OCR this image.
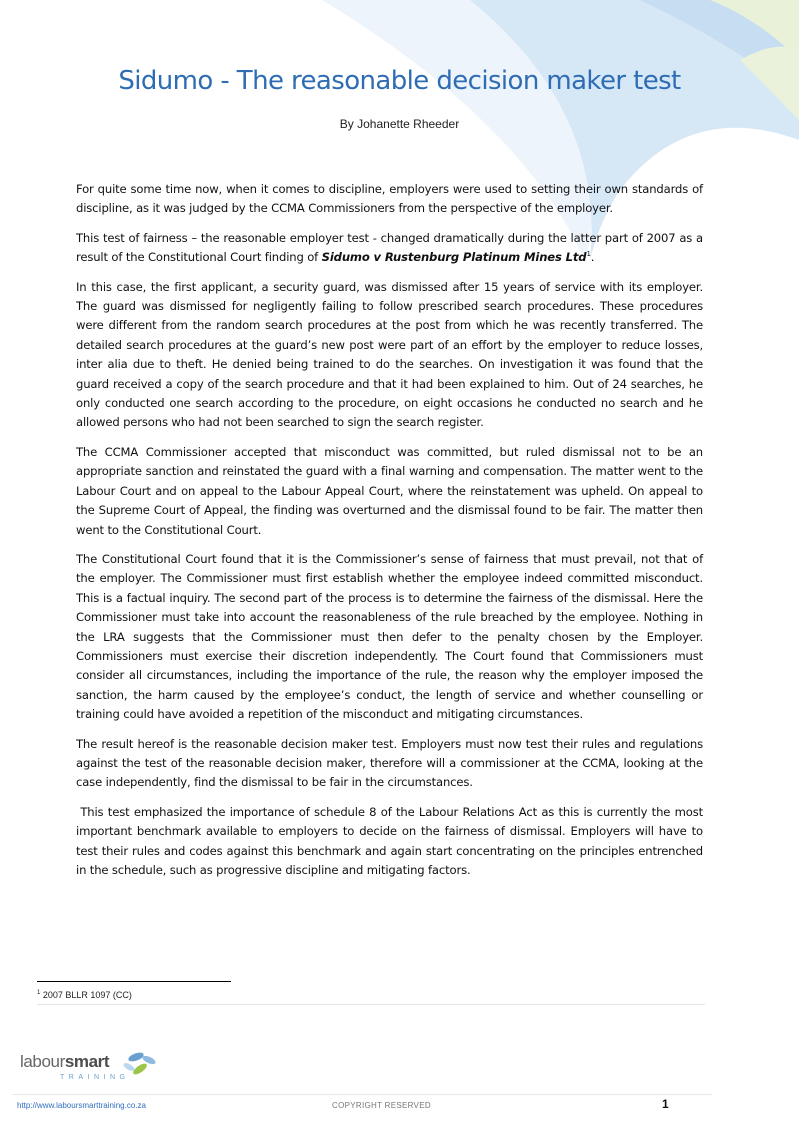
Sidumo - The reasonable decision maker test
By Johanette Rheeder

For quite some time now, when it comes to discipline, employers were used to setting their own standards of discipline, as it was judged by the CCMA Commissioners from the perspective of the employer.

This test of fairness – the reasonable employer test - changed dramatically during the latter part of 2007 as a result of the Constitutional Court finding of Sidumo v Rustenburg Platinum Mines Ltd$^1$.

In this case, the first applicant, a security guard, was dismissed after 15 years of service with its employer. The guard was dismissed for negligently failing to follow prescribed search procedures. These procedures were different from the random search procedures at the post from which he was recently transferred. The detailed search procedures at the guard’s new post were part of an effort by the employer to reduce losses, inter alia due to theft. He denied being trained to do the searches. On investigation it was found that the guard received a copy of the search procedure and that it had been explained to him. Out of 24 searches, he only conducted one search according to the procedure, on eight occasions he conducted no search and he allowed persons who had not been searched to sign the search register.

The CCMA Commissioner accepted that misconduct was committed, but ruled dismissal not to be an appropriate sanction and reinstated the guard with a final warning and compensation. The matter went to the Labour Court and on appeal to the Labour Appeal Court, where the reinstatement was upheld. On appeal to the Supreme Court of Appeal, the finding was overturned and the dismissal found to be fair. The matter then went to the Constitutional Court.

The Constitutional Court found that it is the Commissioner’s sense of fairness that must prevail, not that of the employer. The Commissioner must first establish whether the employee indeed committed misconduct. This is a factual inquiry. The second part of the process is to determine the fairness of the dismissal. Here the Commissioner must take into account the reasonableness of the rule breached by the employee. Nothing in the LRA suggests that the Commissioner must then defer to the penalty chosen by the Employer. Commissioners must exercise their discretion independently. The Court found that Commissioners must consider all circumstances, including the importance of the rule, the reason why the employer imposed the sanction, the harm caused by the employee’s conduct, the length of service and whether counselling or training could have avoided a repetition of the misconduct and mitigating circumstances.

The result hereof is the reasonable decision maker test. Employers must now test their rules and regulations against the test of the reasonable decision maker, therefore will a commissioner at the CCMA, looking at the case independently, find the dismissal to be fair in the circumstances.

This test emphasized the importance of schedule 8 of the Labour Relations Act as this is currently the most important benchmark available to employers to decide on the fairness of dismissal. Employers will have to test their rules and codes against this benchmark and again start concentrating on the principles entrenched in the schedule, such as progressive discipline and mitigating factors.

$^1$ 2007 BLLR 1097 (CC)
laboursmart
TRAINING
http://www.laboursmarttraining.co.za	COPYRIGHT RESERVED	1
